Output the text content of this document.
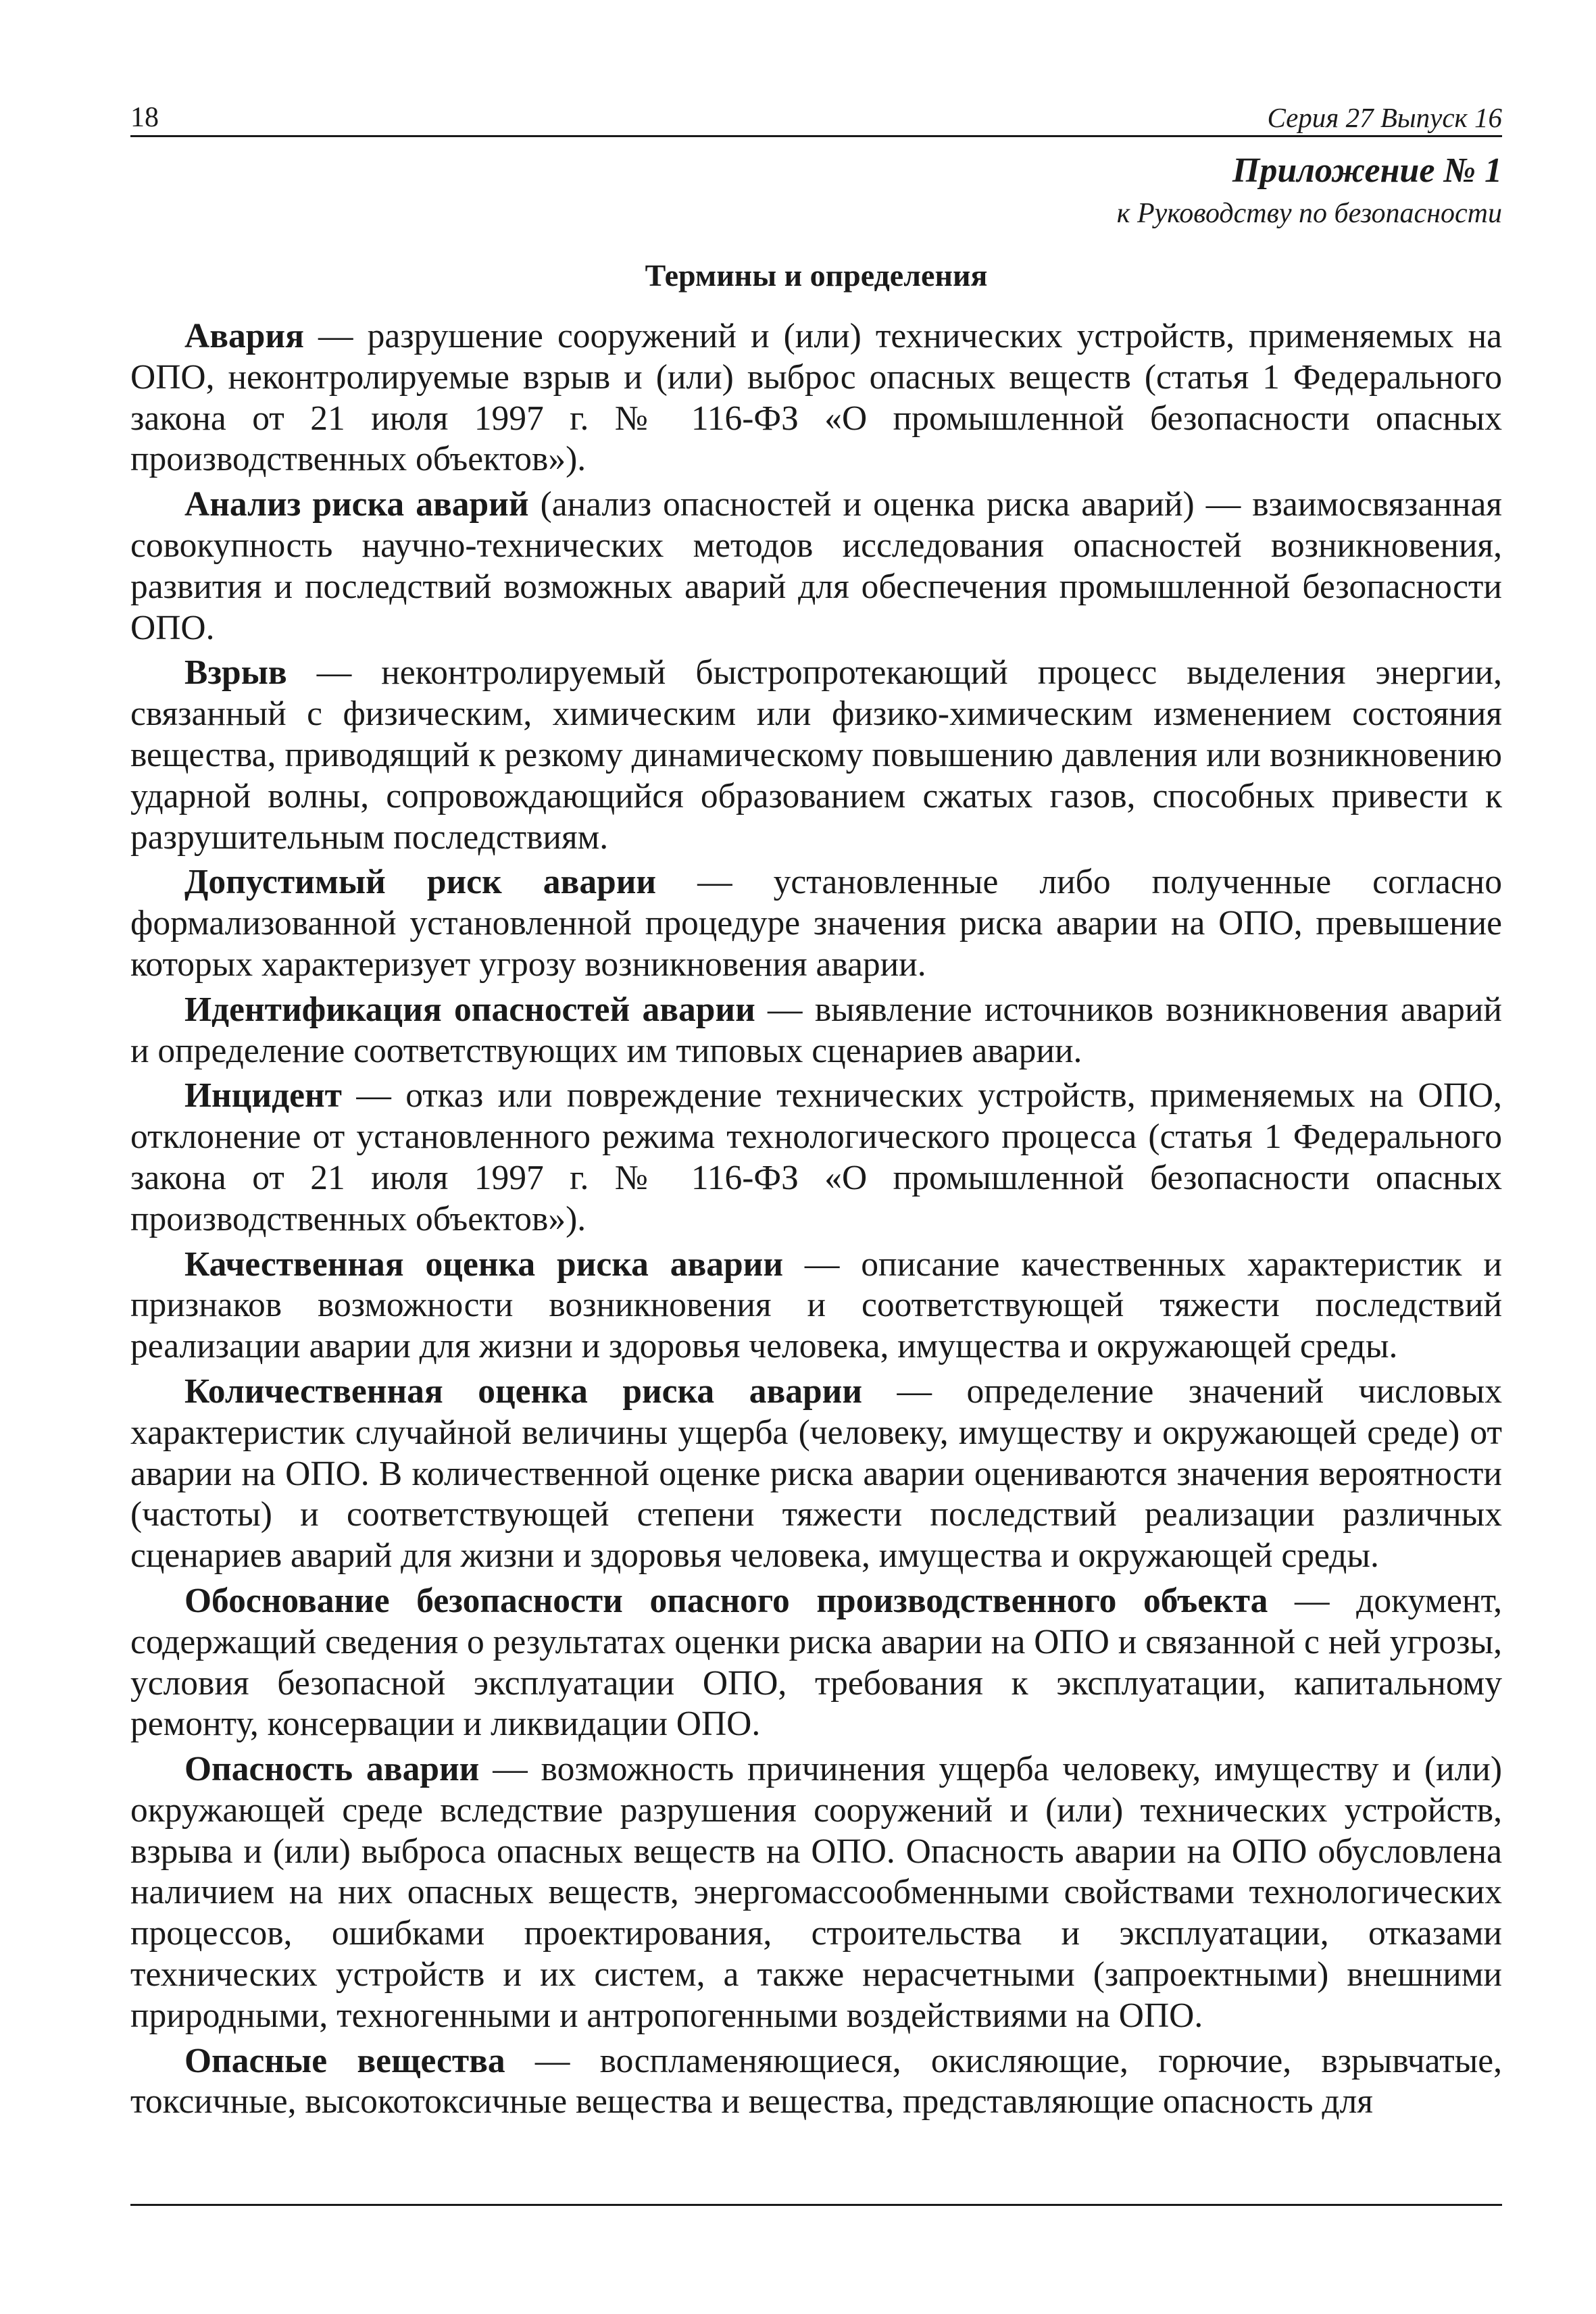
18	Серия 27 Выпуск 16
Приложение № 1
к Руководству по безопасности
Термины и определения

Авария — разрушение сооружений и (или) технических устройств, применяемых на ОПО, неконтролируемые взрыв и (или) выброс опасных веществ (статья 1 Федерального закона от 21 июля 1997 г. № 116-ФЗ «О промышленной безопасности опасных производственных объектов»).

Анализ риска аварий (анализ опасностей и оценка риска аварий) — взаимосвязанная совокупность научно-технических методов исследования опасностей возникновения, развития и последствий возможных аварий для обеспечения промышленной безопасности ОПО.

Взрыв — неконтролируемый быстропротекающий процесс выделения энергии, связанный с физическим, химическим или физико-химическим изменением состояния вещества, приводящий к резкому динамическому повышению давления или возникновению ударной волны, сопровождающийся образованием сжатых газов, способных привести к разрушительным последствиям.

Допустимый риск аварии — установленные либо полученные согласно формализованной установленной процедуре значения риска аварии на ОПО, превышение которых характеризует угрозу возникновения аварии.

Идентификация опасностей аварии — выявление источников возникновения аварий и определение соответствующих им типовых сценариев аварии.

Инцидент — отказ или повреждение технических устройств, применяемых на ОПО, отклонение от установленного режима технологического процесса (статья 1 Федерального закона от 21 июля 1997 г. № 116-ФЗ «О промышленной безопасности опасных производственных объектов»).

Качественная оценка риска аварии — описание качественных характеристик и признаков возможности возникновения и соответствующей тяжести последствий реализации аварии для жизни и здоровья человека, имущества и окружающей среды.

Количественная оценка риска аварии — определение значений числовых характеристик случайной величины ущерба (человеку, имуществу и окружающей среде) от аварии на ОПО. В количественной оценке риска аварии оцениваются значения вероятности (частоты) и соответствующей степени тяжести последствий реализации различных сценариев аварий для жизни и здоровья человека, имущества и окружающей среды.

Обоснование безопасности опасного производственного объекта — документ, содержащий сведения о результатах оценки риска аварии на ОПО и связанной с ней угрозы, условия безопасной эксплуатации ОПО, требования к эксплуатации, капитальному ремонту, консервации и ликвидации ОПО.

Опасность аварии — возможность причинения ущерба человеку, имуществу и (или) окружающей среде вследствие разрушения сооружений и (или) технических устройств, взрыва и (или) выброса опасных веществ на ОПО. Опасность аварии на ОПО обусловлена наличием на них опасных веществ, энергомассообменными свойствами технологических процессов, ошибками проектирования, строительства и эксплуатации, отказами технических устройств и их систем, а также нерасчетными (запроектными) внешними природными, техногенными и антропогенными воздействиями на ОПО.

Опасные вещества — воспламеняющиеся, окисляющие, горючие, взрывчатые, токсичные, высокотоксичные вещества и вещества, представляющие опасность для
